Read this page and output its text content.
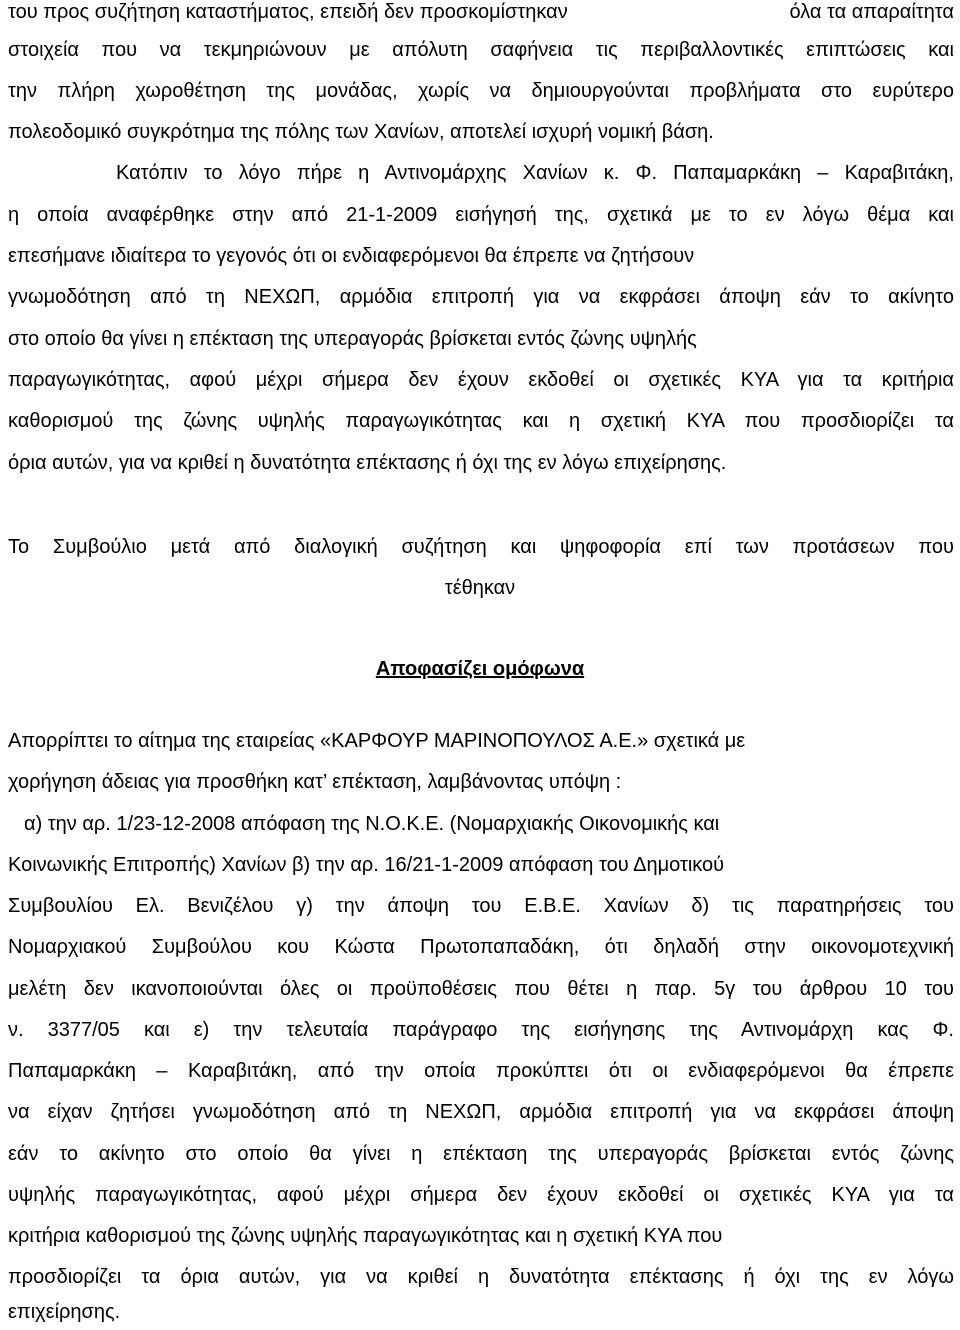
του προς συζήτηση καταστήματος, επειδή δεν προσκομίστηκαν	όλα τα απαραίτητα
στοιχεία που να τεκμηριώνουν με απόλυτη σαφήνεια τις περιβαλλοντικές επιπτώσεις και
την πλήρη χωροθέτηση της μονάδας, χωρίς να δημιουργούνται προβλήματα στο ευρύτερο
πολεοδομικό συγκρότημα της πόλης των Χανίων, αποτελεί ισχυρή νομική βάση.
Κατόπιν το λόγο πήρε η Αντινομάρχης Χανίων κ. Φ. Παπαμαρκάκη – Καραβιτάκη,
η οποία αναφέρθηκε στην από 21-1-2009 εισήγησή της, σχετικά με το εν λόγω θέμα και
επεσήμανε ιδιαίτερα το γεγονός ότι οι ενδιαφερόμενοι θα έπρεπε να ζητήσουν
γνωμοδότηση από τη ΝΕΧΩΠ, αρμόδια επιτροπή για να εκφράσει άποψη εάν το ακίνητο
στο οποίο θα γίνει η επέκταση της υπεραγοράς βρίσκεται εντός ζώνης υψηλής
παραγωγικότητας, αφού μέχρι σήμερα δεν έχουν εκδοθεί οι σχετικές ΚΥΑ για τα κριτήρια
καθορισμού της ζώνης υψηλής παραγωγικότητας και η σχετική ΚΥΑ που προσδιορίζει τα
όρια αυτών, για να κριθεί η δυνατότητα επέκτασης ή όχι της εν λόγω επιχείρησης.
Το Συμβούλιο μετά από διαλογική συζήτηση και ψηφοφορία επί των προτάσεων που
τέθηκαν
Αποφασίζει ομόφωνα
Απορρίπτει το αίτημα της εταιρείας «ΚΑΡΦΟΥΡ ΜΑΡΙΝΟΠΟΥΛΟΣ Α.Ε.» σχετικά με
χορήγηση άδειας για προσθήκη κατ’ επέκταση, λαμβάνοντας υπόψη :
α) την αρ. 1/23-12-2008 απόφαση της Ν.Ο.Κ.Ε. (Νομαρχιακής Οικονομικής και
Κοινωνικής Επιτροπής) Χανίων β) την αρ. 16/21-1-2009 απόφαση του Δημοτικού
Συμβουλίου Ελ. Βενιζέλου γ) την άποψη του Ε.Β.Ε. Χανίων δ) τις παρατηρήσεις του
Νομαρχιακού Συμβούλου κου Κώστα Πρωτοπαπαδάκη, ότι δηλαδή στην οικονομοτεχνική
μελέτη δεν ικανοποιούνται όλες οι προϋποθέσεις που θέτει η παρ. 5γ του άρθρου 10 του
ν. 3377/05 και ε) την τελευταία παράγραφο της εισήγησης της Αντινομάρχη κας Φ.
Παπαμαρκάκη – Καραβιτάκη, από την οποία προκύπτει ότι οι ενδιαφερόμενοι θα έπρεπε
να είχαν ζητήσει γνωμοδότηση από τη ΝΕΧΩΠ, αρμόδια επιτροπή για να εκφράσει άποψη
εάν το ακίνητο στο οποίο θα γίνει η επέκταση της υπεραγοράς βρίσκεται εντός ζώνης
υψηλής παραγωγικότητας, αφού μέχρι σήμερα δεν έχουν εκδοθεί οι σχετικές ΚΥΑ για τα
κριτήρια καθορισμού της ζώνης υψηλής παραγωγικότητας και η σχετική ΚΥΑ που
προσδιορίζει τα όρια αυτών, για να κριθεί η δυνατότητα επέκτασης ή όχι της εν λόγω
επιχείρησης.
